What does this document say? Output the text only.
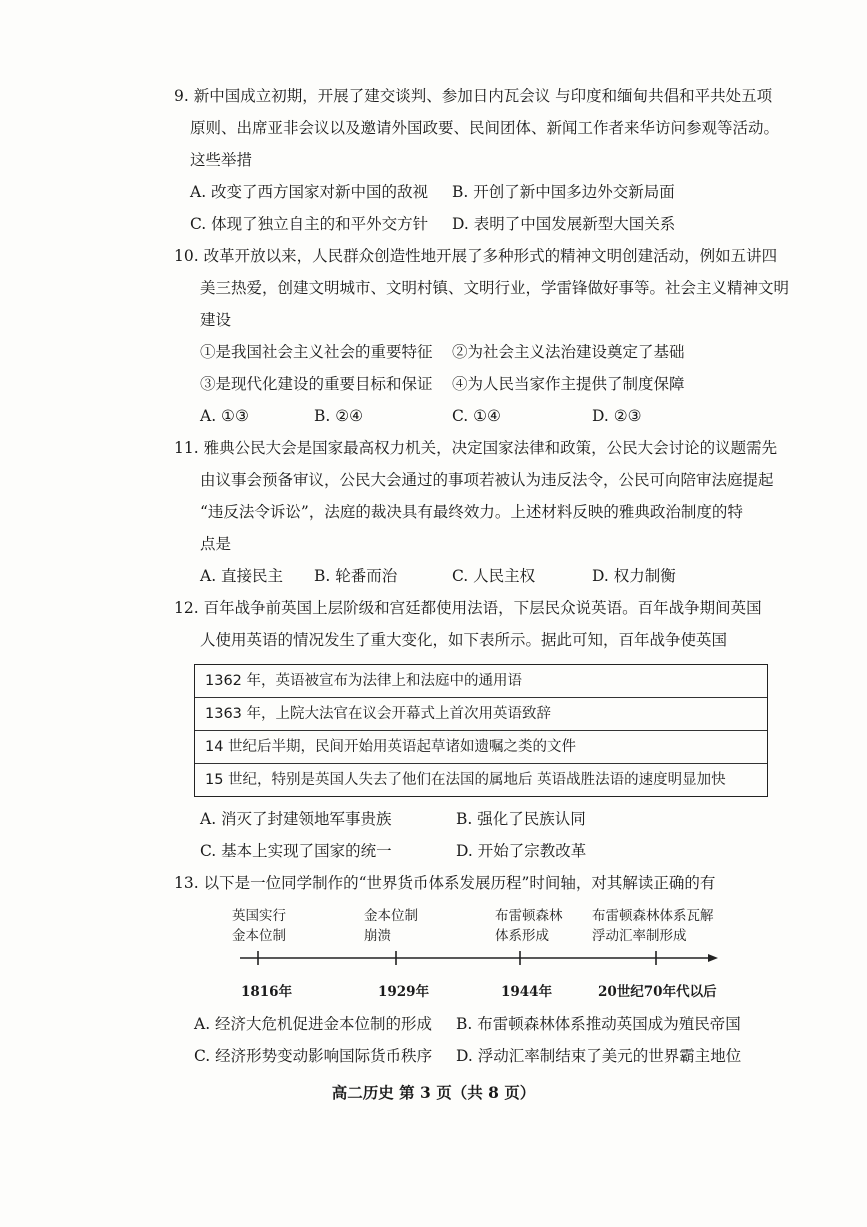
9. 新中国成立初期，开展了建交谈判、参加日内瓦会议 与印度和缅甸共倡和平共处五项
原则、出席亚非会议以及邀请外国政要、民间团体、新闻工作者来华访问参观等活动。
这些举措
A. 改变了西方国家对新中国的敌视 B. 开创了新中国多边外交新局面
C. 体现了独立自主的和平外交方针 D. 表明了中国发展新型大国关系
10. 改革开放以来，人民群众创造性地开展了多种形式的精神文明创建活动，例如五讲四
美三热爱，创建文明城市、文明村镇、文明行业，学雷锋做好事等。社会主义精神文明
建设
①是我国社会主义社会的重要特征 ②为社会主义法治建设奠定了基础
③是现代化建设的重要目标和保证 ④为人民当家作主提供了制度保障
A. ①③	B. ②④	C. ①④	D. ②③
11. 雅典公民大会是国家最高权力机关，决定国家法律和政策，公民大会讨论的议题需先
由议事会预备审议，公民大会通过的事项若被认为违反法令，公民可向陪审法庭提起
“违反法令诉讼”，法庭的裁决具有最终效力。上述材料反映的雅典政治制度的特
点是
A. 直接民主 B. 轮番而治	C. 人民主权	D. 权力制衡
12. 百年战争前英国上层阶级和宫廷都使用法语，下层民众说英语。百年战争期间英国
人使用英语的情况发生了重大变化，如下表所示。据此可知，百年战争使英国
1362 年，英语被宣布为法律上和法庭中的通用语
1363 年，上院大法官在议会开幕式上首次用英语致辞
14 世纪后半期，民间开始用英语起草诸如遗嘱之类的文件
15 世纪，特别是英国人失去了他们在法国的属地后 英语战胜法语的速度明显加快
A. 消灭了封建领地军事贵族	B. 强化了民族认同
C. 基本上实现了国家的统一	D. 开始了宗教改革
13. 以下是一位同学制作的“世界货币体系发展历程”时间轴，对其解读正确的有
英国实行
金本位制
金本位制
崩溃
布雷顿森林
体系形成
布雷顿森林体系瓦解
浮动汇率制形成
1816年	1929年	1944年	20世纪70年代以后
A. 经济大危机促进金本位制的形成 B. 布雷顿森林体系推动英国成为殖民帝国
C. 经济形势变动影响国际货币秩序 D. 浮动汇率制结束了美元的世界霸主地位
高二历史 第 3 页（共 8 页）
